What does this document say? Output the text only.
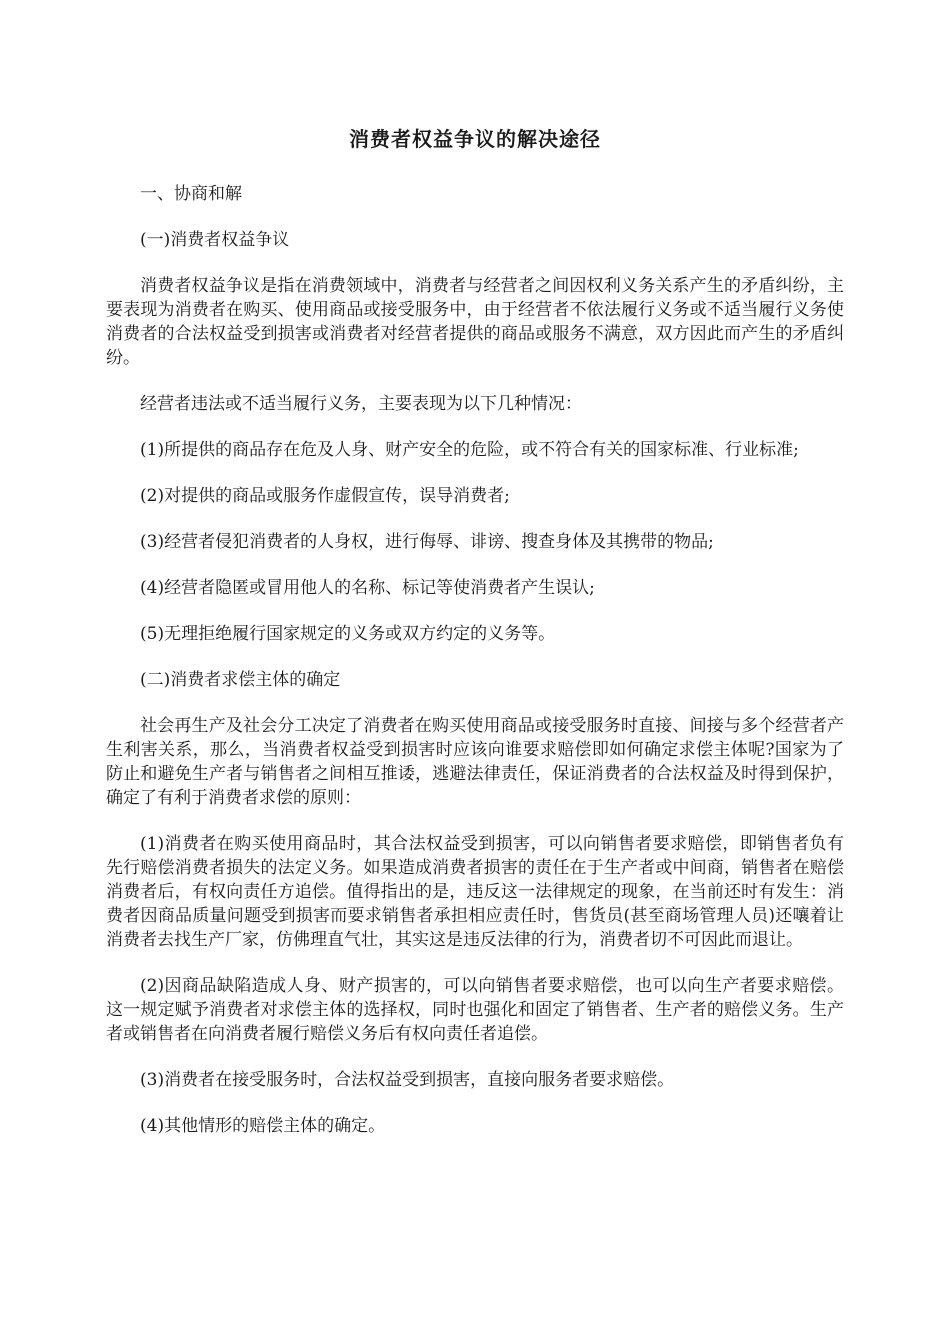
消费者权益争议的解决途径

一、协商和解

(一)消费者权益争议

消费者权益争议是指在消费领域中，消费者与经营者之间因权利义务关系产生的矛盾纠纷，主要表现为消费者在购买、使用商品或接受服务中，由于经营者不依法履行义务或不适当履行义务使消费者的合法权益受到损害或消费者对经营者提供的商品或服务不满意，双方因此而产生的矛盾纠纷。

经营者违法或不适当履行义务，主要表现为以下几种情况：

(1)所提供的商品存在危及人身、财产安全的危险，或不符合有关的国家标准、行业标准;

(2)对提供的商品或服务作虚假宣传，误导消费者;

(3)经营者侵犯消费者的人身权，进行侮辱、诽谤、搜查身体及其携带的物品;

(4)经营者隐匿或冒用他人的名称、标记等使消费者产生误认;

(5)无理拒绝履行国家规定的义务或双方约定的义务等。

(二)消费者求偿主体的确定

社会再生产及社会分工决定了消费者在购买使用商品或接受服务时直接、间接与多个经营者产生利害关系，那么，当消费者权益受到损害时应该向谁要求赔偿即如何确定求偿主体呢?国家为了防止和避免生产者与销售者之间相互推诿，逃避法律责任，保证消费者的合法权益及时得到保护，确定了有利于消费者求偿的原则：

(1)消费者在购买使用商品时，其合法权益受到损害，可以向销售者要求赔偿，即销售者负有先行赔偿消费者损失的法定义务。如果造成消费者损害的责任在于生产者或中间商，销售者在赔偿消费者后，有权向责任方追偿。值得指出的是，违反这一法律规定的现象，在当前还时有发生：消费者因商品质量问题受到损害而要求销售者承担相应责任时，售货员(甚至商场管理人员)还嚷着让消费者去找生产厂家，仿佛理直气壮，其实这是违反法律的行为，消费者切不可因此而退让。

(2)因商品缺陷造成人身、财产损害的，可以向销售者要求赔偿，也可以向生产者要求赔偿。这一规定赋予消费者对求偿主体的选择权，同时也强化和固定了销售者、生产者的赔偿义务。生产者或销售者在向消费者履行赔偿义务后有权向责任者追偿。

(3)消费者在接受服务时，合法权益受到损害，直接向服务者要求赔偿。

(4)其他情形的赔偿主体的确定。
